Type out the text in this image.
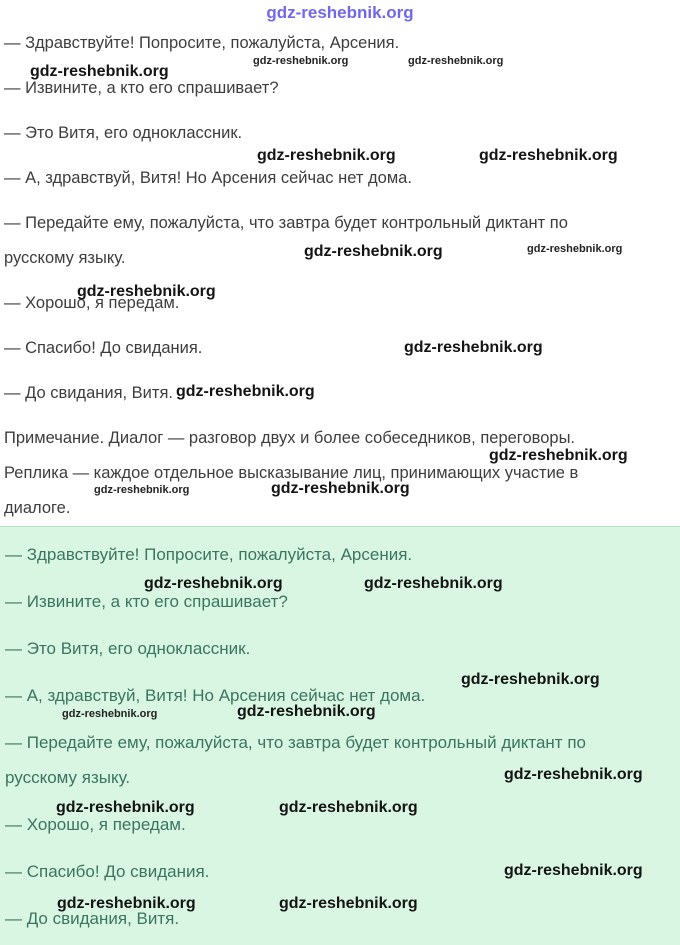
gdz-reshebnik.org

— Здравствуйте! Попросите, пожалуйста, Арсения.

— Извините, а кто его спрашивает?

— Это Витя, его одноклассник.

— А, здравствуй, Витя! Но Арсения сейчас нет дома.

— Передайте ему, пожалуйста, что завтра будет контрольный диктант по
русскому языку.

— Хорошо, я передам.

— Спасибо! До свидания.

— До свидания, Витя.

Примечание. Диалог — разговор двух и более собеседников, переговоры.
Реплика — каждое отдельное высказывание лиц, принимающих участие в
диалоге.

— Здравствуйте! Попросите, пожалуйста, Арсения.

— Извините, а кто его спрашивает?

— Это Витя, его одноклассник.

— А, здравствуй, Витя! Но Арсения сейчас нет дома.

— Передайте ему, пожалуйста, что завтра будет контрольный диктант по
русскому языку.

— Хорошо, я передам.

— Спасибо! До свидания.

— До свидания, Витя.

gdz-reshebnik.org	gdz-reshebnik.org
gdz-reshebnik.org
gdz-reshebnik.org	gdz-reshebnik.org
gdz-reshebnik.org	gdz-reshebnik.org
gdz-reshebnik.org
gdz-reshebnik.org
gdz-reshebnik.org
gdz-reshebnik.org
gdz-reshebnik.org	gdz-reshebnik.org
gdz-reshebnik.org	gdz-reshebnik.org
gdz-reshebnik.org
gdz-reshebnik.org	gdz-reshebnik.org
gdz-reshebnik.org
gdz-reshebnik.org	gdz-reshebnik.org
gdz-reshebnik.org
gdz-reshebnik.org	gdz-reshebnik.org
